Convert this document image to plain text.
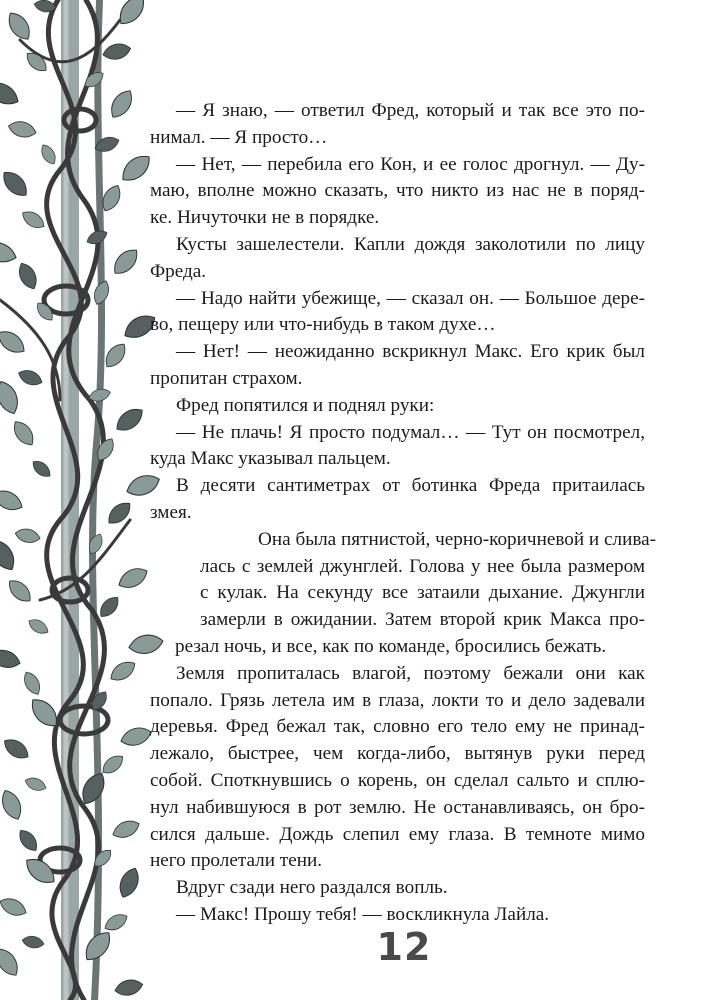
— Я знаю, — ответил Фред, который и так все это по-

нимал. — Я просто…

— Нет, — перебила его Кон, и ее голос дрогнул. — Ду-

маю, вполне можно сказать, что никто из нас не в поряд-

ке. Ничуточки не в порядке.

Кусты зашелестели. Капли дождя заколотили по лицу

Фреда.

— Надо найти убежище, — сказал он. — Большое дере-

во, пещеру или что-нибудь в таком духе…

— Нет! — неожиданно вскрикнул Макс. Его крик был

пропитан страхом.

Фред попятился и поднял руки:

— Не плачь! Я просто подумал… — Тут он посмотрел,

куда Макс указывал пальцем.

В десяти сантиметрах от ботинка Фреда притаилась

змея.

Она была пятнистой, черно-коричневой и слива-

лась с землей джунглей. Голова у нее была размером

с кулак. На секунду все затаили дыхание. Джунгли

замерли в ожидании. Затем второй крик Макса про-

резал ночь, и все, как по команде, бросились бежать.

Земля пропиталась влагой, поэтому бежали они как

попало. Грязь летела им в глаза, локти то и дело задевали

деревья. Фред бежал так, словно его тело ему не принад-

лежало, быстрее, чем когда-либо, вытянув руки перед

собой. Споткнувшись о корень, он сделал сальто и сплю-

нул набившуюся в рот землю. Не останавливаясь, он бро-

сился дальше. Дождь слепил ему глаза. В темноте мимо

него пролетали тени.

Вдруг сзади него раздался вопль.

— Макс! Прошу тебя! — воскликнула Лайла.

12
